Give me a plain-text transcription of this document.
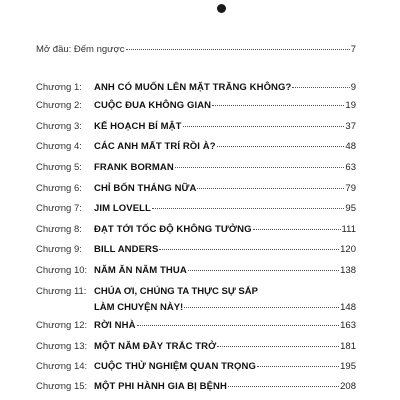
Mở đầu: Đếm ngược	7
Chương 1:	ANH CÓ MUỐN LÊN MẶT TRĂNG KHÔNG?	9
Chương 2:	CUỘC ĐUA KHÔNG GIAN	19
Chương 3:	KẾ HOẠCH BÍ MẬT	37
Chương 4:	CÁC ANH MẤT TRÍ RỒI À?	48
Chương 5:	FRANK BORMAN	63
Chương 6:	CHỈ BỐN THÁNG NỮA	79
Chương 7:	JIM LOVELL	95
Chương 8:	ĐẠT TỚI TỐC ĐỘ KHÔNG TƯỞNG	111
Chương 9:	BILL ANDERS	120
Chương 10: NĂM ĂN NĂM THUA	138
Chương 11: CHÚA ƠI, CHÚNG TA THỰC SỰ SẮP
LÀM CHUYỆN NÀY!	148
Chương 12: RỜI NHÀ	163
Chương 13: MỘT NĂM ĐẦY TRẮC TRỞ	181
Chương 14: CUỘC THỬ NGHIỆM QUAN TRỌNG	195
Chương 15: MỘT PHI HÀNH GIA BỊ BỆNH	208
